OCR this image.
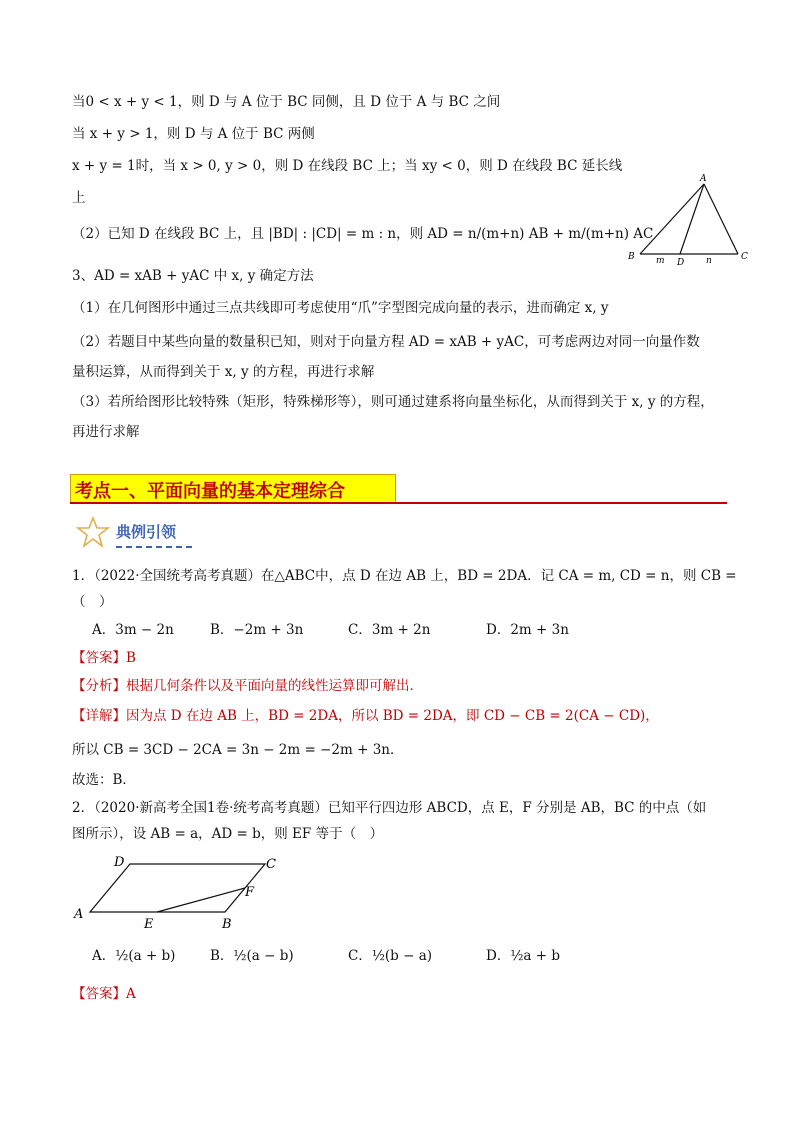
当0 < x + y < 1，则 D 与 A 位于 BC 同侧，且 D 位于 A 与 BC 之间
当 x + y > 1，则 D 与 A 位于 BC 两侧
x + y = 1时，当 x > 0, y > 0，则 D 在线段 BC 上；当 xy < 0，则 D 在线段 BC 延长线
上
（2）已知 D 在线段 BC 上，且 |BD| : |CD| = m : n，则 AD = n/(m+n) AB + m/(m+n) AC
3、AD = xAB + yAC 中 x, y 确定方法
（1）在几何图形中通过三点共线即可考虑使用“爪”字型图完成向量的表示，进而确定 x, y
（2）若题目中某些向量的数量积已知，则对于向量方程 AD = xAB + yAC，可考虑两边对同一向量作数
量积运算，从而得到关于 x, y 的方程，再进行求解
（3）若所给图形比较特殊（矩形，特殊梯形等），则可通过建系将向量坐标化，从而得到关于 x, y 的方程，
再进行求解
A
B	C
D
m	n
考点一、平面向量的基本定理综合
典例引领
1．（2022·全国统考高考真题）在△ABC中，点 D 在边 AB 上，BD = 2DA．记 CA = m, CD = n，则 CB =
（　）
A．3m − 2n	B．−2m + 3n	C．3m + 2n	D．2m + 3n
【答案】B
【分析】根据几何条件以及平面向量的线性运算即可解出．
【详解】因为点 D 在边 AB 上，BD = 2DA，所以 BD = 2DA，即 CD − CB = 2(CA − CD)，
所以 CB = 3CD − 2CA = 3n − 2m = −2m + 3n．
故选：B．
2．（2020·新高考全国1卷·统考高考真题）已知平行四边形 ABCD，点 E，F 分别是 AB，BC 的中点（如
图所示），设 AB = a，AD = b，则 EF 等于（　）
A
D	C
F
E	B
A．½(a + b)	B．½(a − b)	C．½(b − a)	D．½a + b
【答案】A
